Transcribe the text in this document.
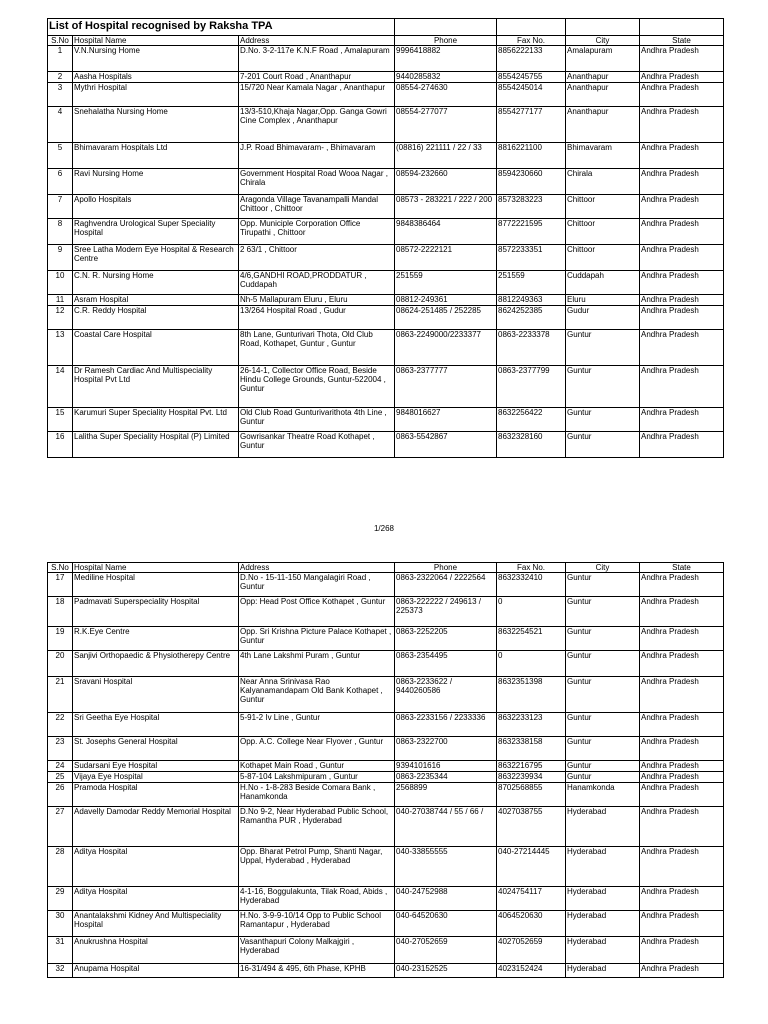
List of Hospital recognised by Raksha TPA						
S.No	Hospital Name	Address	Phone	Fax No.	City	State
1	V.N.Nursing Home	D.No. 3-2-117e K.N.F Road , Amalapuram	9996418882	8856222133	Amalapuram	Andhra Pradesh
2	Aasha Hospitals	7-201 Court Road , Ananthapur	9440285832	8554245755	Ananthapur	Andhra Pradesh
3	Mythri Hospital	15/720 Near Kamala Nagar , Ananthapur	08554-274630	8554245014	Ananthapur	Andhra Pradesh
4	Snehalatha Nursing Home	13/3-510,Khaja Nagar,Opp. Ganga Gowri Cine Complex , Ananthapur	08554-277077	8554277177	Ananthapur	Andhra Pradesh
5	Bhimavaram Hospitals Ltd	J.P. Road Bhimavaram- , Bhimavaram	(08816) 221111 / 22 / 33	8816221100	Bhimavaram	Andhra Pradesh
6	Ravi Nursing Home	Government Hospital Road Wooa Nagar , Chirala	08594-232660	8594230660	Chirala	Andhra Pradesh
7	Apollo Hospitals	Aragonda Village Tavanampalli Mandal Chittoor , Chittoor	08573 - 283221 / 222 / 200	8573283223	Chittoor	Andhra Pradesh
8	Raghvendra Urological Super Speciality Hospital	Opp. Municiple Corporation Office Tirupathi , Chittoor	9848386464	8772221595	Chittoor	Andhra Pradesh
9	Sree Latha Modern Eye Hospital & Research Centre	2 63/1 , Chittoor	08572-2222121	8572233351	Chittoor	Andhra Pradesh
10	C.N. R. Nursing Home	4/6,GANDHI ROAD,PRODDATUR , Cuddapah	251559	251559	Cuddapah	Andhra Pradesh
11	Asram Hospital	Nh-5 Mallapuram Eluru , Eluru	08812-249361	8812249363	Eluru	Andhra Pradesh
12	C.R. Reddy Hospital	13/264 Hospital Road , Gudur	08624-251485 / 252285	8624252385	Gudur	Andhra Pradesh
13	Coastal Care Hospital	8th Lane, Gunturivari Thota, Old Club Road, Kothapet, Guntur , Guntur	0863-2249000/2233377	0863-2233378	Guntur	Andhra Pradesh
14	Dr Ramesh Cardiac And Multispeciality Hospital Pvt Ltd	26-14-1, Collector Office Road, Beside Hindu College Grounds, Guntur-522004 , Guntur	0863-2377777	0863-2377799	Guntur	Andhra Pradesh
15	Karumuri Super Speciality Hospital Pvt. Ltd	Old Club Road Gunturivarithota 4th Line , Guntur	9848016627	8632256422	Guntur	Andhra Pradesh
16	Lalitha Super Speciality Hospital (P) Limited	Gowrisankar Theatre Road Kothapet , Guntur	0863-5542867	8632328160	Guntur	Andhra Pradesh
1/268
S.No	Hospital Name	Address	Phone	Fax No.	City	State
17	Mediline Hospital	D.No - 15-11-150 Mangalagiri Road , Guntur	0863-2322064 / 2222564	8632332410	Guntur	Andhra Pradesh
18	Padmavati Superspeciality Hospital	Opp: Head Post Office Kothapet , Guntur	0863-222222 / 249613 / 225373	0	Guntur	Andhra Pradesh
19	R.K.Eye Centre	Opp. Sri Krishna Picture Palace Kothapet , Guntur	0863-2252205	8632254521	Guntur	Andhra Pradesh
20	Sanjivi Orthopaedic & Physiotherepy Centre	4th Lane Lakshmi Puram , Guntur	0863-2354495	0	Guntur	Andhra Pradesh
21	Sravani Hospital	Near Anna Srinivasa Rao Kalyanamandapam Old Bank Kothapet , Guntur	0863-2233622 / 9440260586	8632351398	Guntur	Andhra Pradesh
22	Sri Geetha Eye Hospital	5-91-2 Iv Line , Guntur	0863-2233156 / 2233336	8632233123	Guntur	Andhra Pradesh
23	St. Josephs General Hospital	Opp. A.C. College Near Flyover , Guntur	0863-2322700	8632338158	Guntur	Andhra Pradesh
24	Sudarsani Eye Hospital	Kothapet Main Road , Guntur	9394101616	8632216795	Guntur	Andhra Pradesh
25	Vijaya Eye Hospital	5-87-104 Lakshmipuram , Guntur	0863-2235344	8632239934	Guntur	Andhra Pradesh
26	Pramoda Hospital	H.No - 1-8-283 Beside Comara Bank , Hanamkonda	2568899	8702568855	Hanamkonda	Andhra Pradesh
27	Adavelly Damodar Reddy Memorial Hospital	D.No 9-2, Near Hyderabad Public School, Ramantha PUR , Hyderabad	040-27038744 / 55 / 66 /	4027038755	Hyderabad	Andhra Pradesh
28	Aditya Hospital	Opp. Bharat Petrol Pump, Shanti Nagar, Uppal, Hyderabad , Hyderabad	040-33855555	040-27214445	Hyderabad	Andhra Pradesh
29	Aditya Hospital	4-1-16, Boggulakunta, Tilak Road, Abids , Hyderabad	040-24752988	4024754117	Hyderabad	Andhra Pradesh
30	Anantalakshmi Kidney And Multispeciality Hospital	H.No. 3-9-9-10/14 Opp to Public School Ramantapur , Hyderabad	040-64520630	4064520630	Hyderabad	Andhra Pradesh
31	Anukrushna Hospital	Vasanthapuri Colony Malkajgiri , Hyderabad	040-27052659	4027052659	Hyderabad	Andhra Pradesh
32	Anupama Hospital	16-31/494 & 495, 6th Phase, KPHB	040-23152525	4023152424	Hyderabad	Andhra Pradesh
